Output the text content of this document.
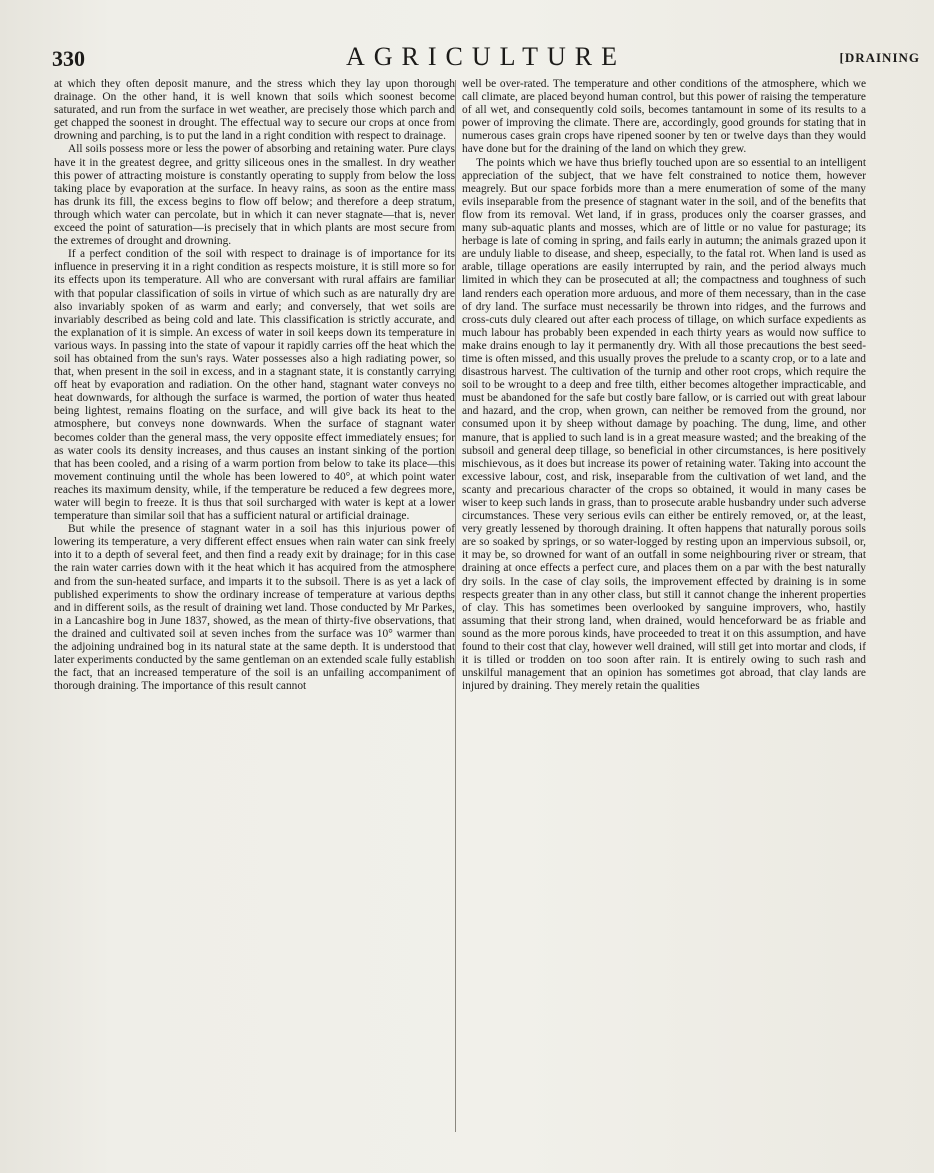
330	AGRICULTURE	[DRAINING

at which they often deposit manure, and the stress which they lay upon thorough drainage. On the other hand, it is well known that soils which soonest become saturated, and run from the surface in wet weather, are precisely those which parch and get chapped the soonest in drought. The effectual way to secure our crops at once from drowning and parching, is to put the land in a right condition with respect to drainage.

All soils possess more or less the power of absorbing and retaining water. Pure clays have it in the greatest degree, and gritty siliceous ones in the smallest. In dry weather this power of attracting moisture is constantly operating to supply from below the loss taking place by evaporation at the surface. In heavy rains, as soon as the entire mass has drunk its fill, the excess begins to flow off below; and therefore a deep stratum, through which water can percolate, but in which it can never stagnate—that is, never exceed the point of saturation—is precisely that in which plants are most secure from the extremes of drought and drowning.

If a perfect condition of the soil with respect to drainage is of importance for its influence in preserving it in a right condition as respects moisture, it is still more so for its effects upon its temperature. All who are conversant with rural affairs are familiar with that popular classification of soils in virtue of which such as are naturally dry are also invariably spoken of as warm and early; and conversely, that wet soils are invariably described as being cold and late. This classification is strictly accurate, and the explanation of it is simple. An excess of water in soil keeps down its temperature in various ways. In passing into the state of vapour it rapidly carries off the heat which the soil has obtained from the sun's rays. Water possesses also a high radiating power, so that, when present in the soil in excess, and in a stagnant state, it is constantly carrying off heat by evaporation and radiation. On the other hand, stagnant water conveys no heat downwards, for although the surface is warmed, the portion of water thus heated being lightest, remains floating on the surface, and will give back its heat to the atmosphere, but conveys none downwards. When the surface of stagnant water becomes colder than the general mass, the very opposite effect immediately ensues; for as water cools its density increases, and thus causes an instant sinking of the portion that has been cooled, and a rising of a warm portion from below to take its place—this movement continuing until the whole has been lowered to 40°, at which point water reaches its maximum density, while, if the temperature be reduced a few degrees more, water will begin to freeze. It is thus that soil surcharged with water is kept at a lower temperature than similar soil that has a sufficient natural or artificial drainage.

But while the presence of stagnant water in a soil has this injurious power of lowering its temperature, a very different effect ensues when rain water can sink freely into it to a depth of several feet, and then find a ready exit by drainage; for in this case the rain water carries down with it the heat which it has acquired from the atmosphere and from the sun-heated surface, and imparts it to the subsoil. There is as yet a lack of published experiments to show the ordinary increase of temperature at various depths and in different soils, as the result of draining wet land. Those conducted by Mr Parkes, in a Lancashire bog in June 1837, showed, as the mean of thirty-five observations, that the drained and cultivated soil at seven inches from the surface was 10° warmer than the adjoining undrained bog in its natural state at the same depth. It is understood that later experiments conducted by the same gentleman on an extended scale fully establish the fact, that an increased temperature of the soil is an unfailing accompaniment of thorough draining. The importance of this result cannot

well be over-rated. The temperature and other conditions of the atmosphere, which we call climate, are placed beyond human control, but this power of raising the temperature of all wet, and consequently cold soils, becomes tantamount in some of its results to a power of improving the climate. There are, accordingly, good grounds for stating that in numerous cases grain crops have ripened sooner by ten or twelve days than they would have done but for the draining of the land on which they grew.

The points which we have thus briefly touched upon are so essential to an intelligent appreciation of the subject, that we have felt constrained to notice them, however meagrely. But our space forbids more than a mere enumeration of some of the many evils inseparable from the presence of stagnant water in the soil, and of the benefits that flow from its removal. Wet land, if in grass, produces only the coarser grasses, and many sub-aquatic plants and mosses, which are of little or no value for pasturage; its herbage is late of coming in spring, and fails early in autumn; the animals grazed upon it are unduly liable to disease, and sheep, especially, to the fatal rot. When land is used as arable, tillage operations are easily interrupted by rain, and the period always much limited in which they can be prosecuted at all; the compactness and toughness of such land renders each operation more arduous, and more of them necessary, than in the case of dry land. The surface must necessarily be thrown into ridges, and the furrows and cross-cuts duly cleared out after each process of tillage, on which surface expedients as much labour has probably been expended in each thirty years as would now suffice to make drains enough to lay it permanently dry. With all those precautions the best seed-time is often missed, and this usually proves the prelude to a scanty crop, or to a late and disastrous harvest. The cultivation of the turnip and other root crops, which require the soil to be wrought to a deep and free tilth, either becomes altogether impracticable, and must be abandoned for the safe but costly bare fallow, or is carried out with great labour and hazard, and the crop, when grown, can neither be removed from the ground, nor consumed upon it by sheep without damage by poaching. The dung, lime, and other manure, that is applied to such land is in a great measure wasted; and the breaking of the subsoil and general deep tillage, so beneficial in other circumstances, is here positively mischievous, as it does but increase its power of retaining water. Taking into account the excessive labour, cost, and risk, inseparable from the cultivation of wet land, and the scanty and precarious character of the crops so obtained, it would in many cases be wiser to keep such lands in grass, than to prosecute arable husbandry under such adverse circumstances. These very serious evils can either be entirely removed, or, at the least, very greatly lessened by thorough draining. It often happens that naturally porous soils are so soaked by springs, or so water-logged by resting upon an impervious subsoil, or, it may be, so drowned for want of an outfall in some neighbouring river or stream, that draining at once effects a perfect cure, and places them on a par with the best naturally dry soils. In the case of clay soils, the improvement effected by draining is in some respects greater than in any other class, but still it cannot change the inherent properties of clay. This has sometimes been overlooked by sanguine improvers, who, hastily assuming that their strong land, when drained, would henceforward be as friable and sound as the more porous kinds, have proceeded to treat it on this assumption, and have found to their cost that clay, however well drained, will still get into mortar and clods, if it is tilled or trodden on too soon after rain. It is entirely owing to such rash and unskilful management that an opinion has sometimes got abroad, that clay lands are injured by draining. They merely retain the qualities
